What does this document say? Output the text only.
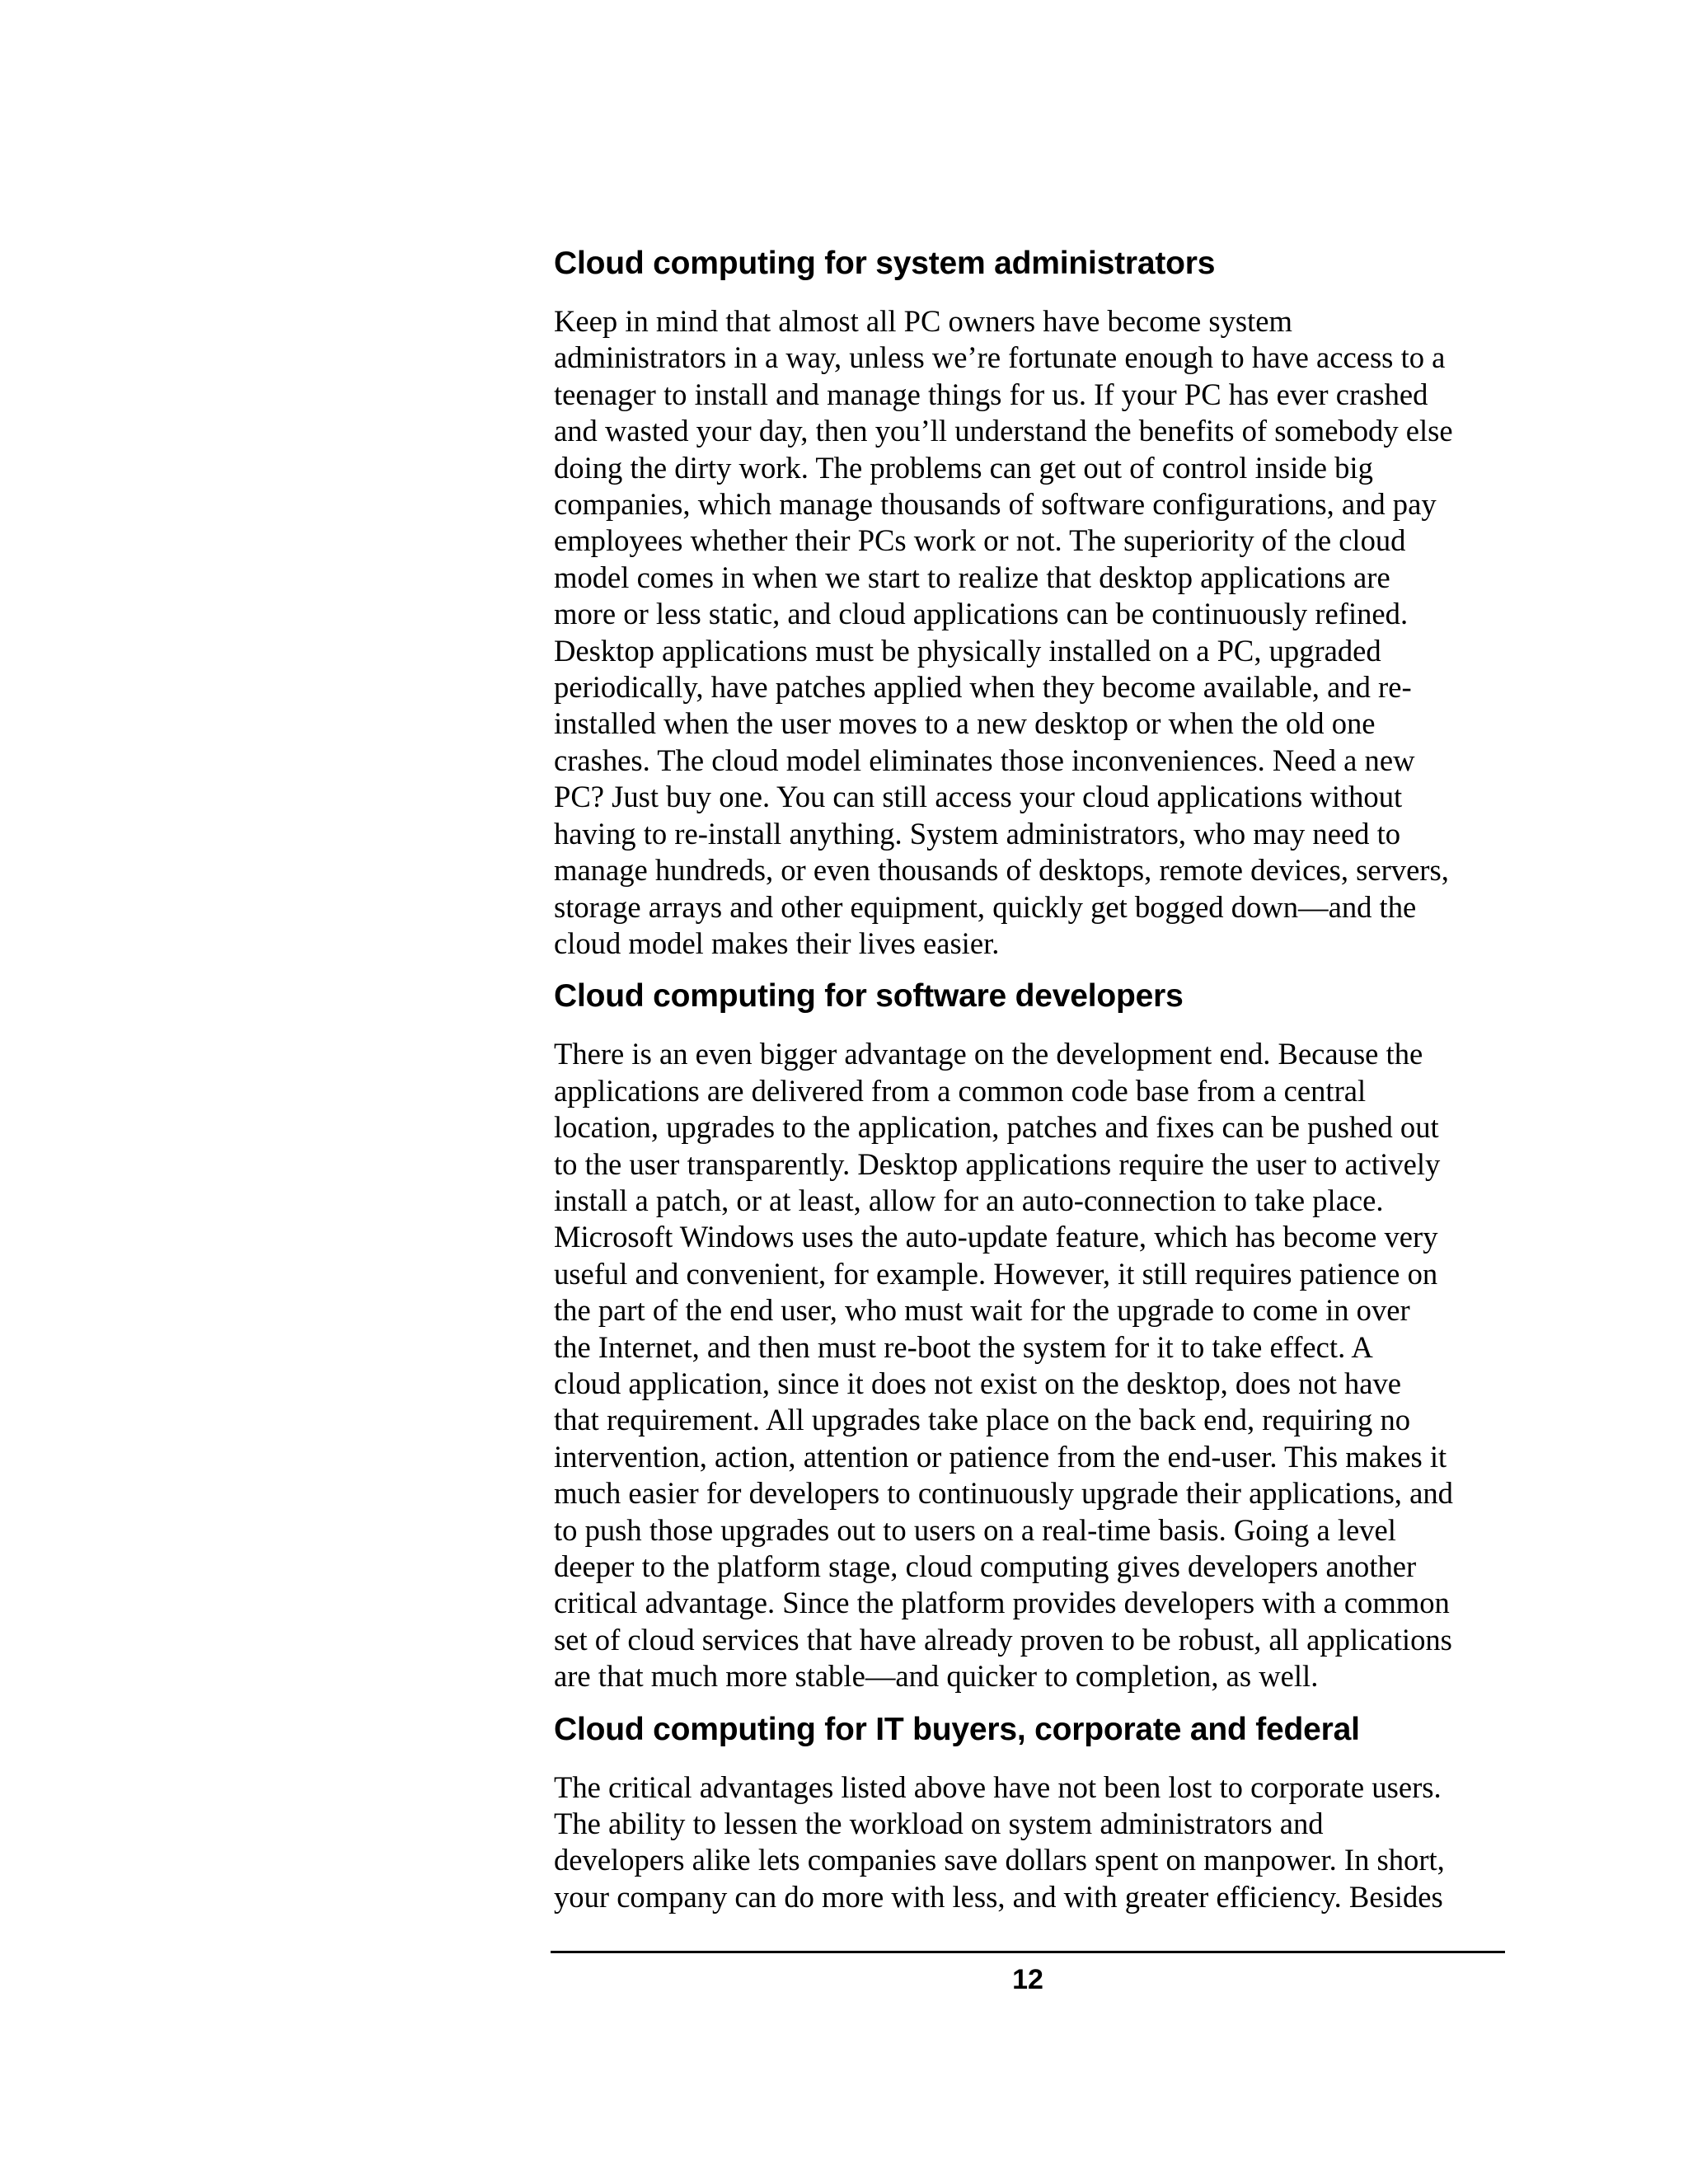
Cloud computing for system administrators

Keep in mind that almost all PC owners have become system
administrators in a way, unless we’re fortunate enough to have access to a
teenager to install and manage things for us. If your PC has ever crashed
and wasted your day, then you’ll understand the benefits of somebody else
doing the dirty work. The problems can get out of control inside big
companies, which manage thousands of software configurations, and pay
employees whether their PCs work or not. The superiority of the cloud
model comes in when we start to realize that desktop applications are
more or less static, and cloud applications can be continuously refined.
Desktop applications must be physically installed on a PC, upgraded
periodically, have patches applied when they become available, and re-
installed when the user moves to a new desktop or when the old one
crashes. The cloud model eliminates those inconveniences. Need a new
PC? Just buy one. You can still access your cloud applications without
having to re-install anything. System administrators, who may need to
manage hundreds, or even thousands of desktops, remote devices, servers,
storage arrays and other equipment, quickly get bogged down—and the
cloud model makes their lives easier.

Cloud computing for software developers

There is an even bigger advantage on the development end. Because the
applications are delivered from a common code base from a central
location, upgrades to the application, patches and fixes can be pushed out
to the user transparently. Desktop applications require the user to actively
install a patch, or at least, allow for an auto-connection to take place.
Microsoft Windows uses the auto-update feature, which has become very
useful and convenient, for example. However, it still requires patience on
the part of the end user, who must wait for the upgrade to come in over
the Internet, and then must re-boot the system for it to take effect. A
cloud application, since it does not exist on the desktop, does not have
that requirement. All upgrades take place on the back end, requiring no
intervention, action, attention or patience from the end-user. This makes it
much easier for developers to continuously upgrade their applications, and
to push those upgrades out to users on a real-time basis. Going a level
deeper to the platform stage, cloud computing gives developers another
critical advantage. Since the platform provides developers with a common
set of cloud services that have already proven to be robust, all applications
are that much more stable—and quicker to completion, as well.

Cloud computing for IT buyers, corporate and federal

The critical advantages listed above have not been lost to corporate users.
The ability to lessen the workload on system administrators and
developers alike lets companies save dollars spent on manpower. In short,
your company can do more with less, and with greater efficiency. Besides

12
